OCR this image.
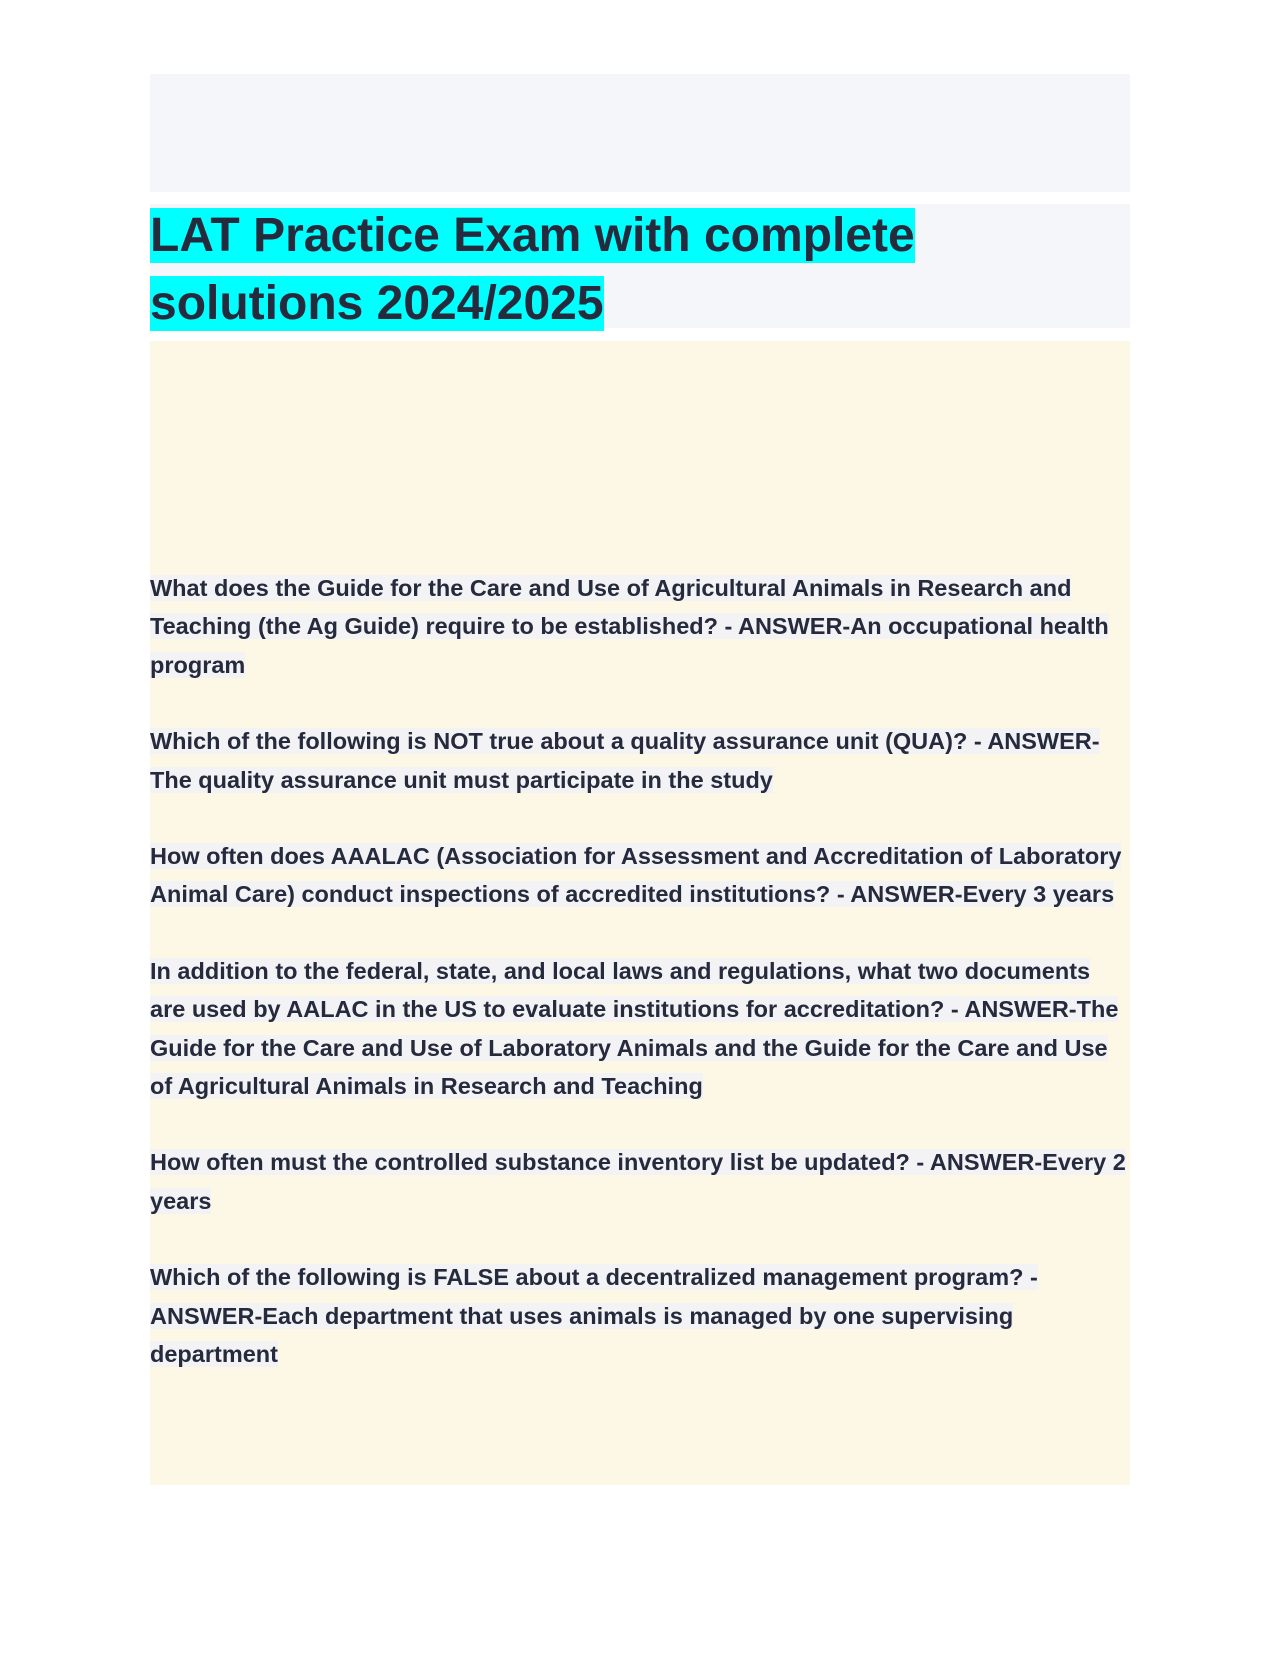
LAT Practice Exam with complete solutions 2024/2025
What does the Guide for the Care and Use of Agricultural Animals in Research and Teaching (the Ag Guide) require to be established? - ANSWER-An occupational health program
Which of the following is NOT true about a quality assurance unit (QUA)? - ANSWER-The quality assurance unit must participate in the study
How often does AAALAC (Association for Assessment and Accreditation of Laboratory Animal Care) conduct inspections of accredited institutions? - ANSWER-Every 3 years
In addition to the federal, state, and local laws and regulations, what two documents are used by AALAC in the US to evaluate institutions for accreditation? - ANSWER-The Guide for the Care and Use of Laboratory Animals and the Guide for the Care and Use of Agricultural Animals in Research and Teaching
How often must the controlled substance inventory list be updated? - ANSWER-Every 2 years
Which of the following is FALSE about a decentralized management program? - ANSWER-Each department that uses animals is managed by one supervising department
